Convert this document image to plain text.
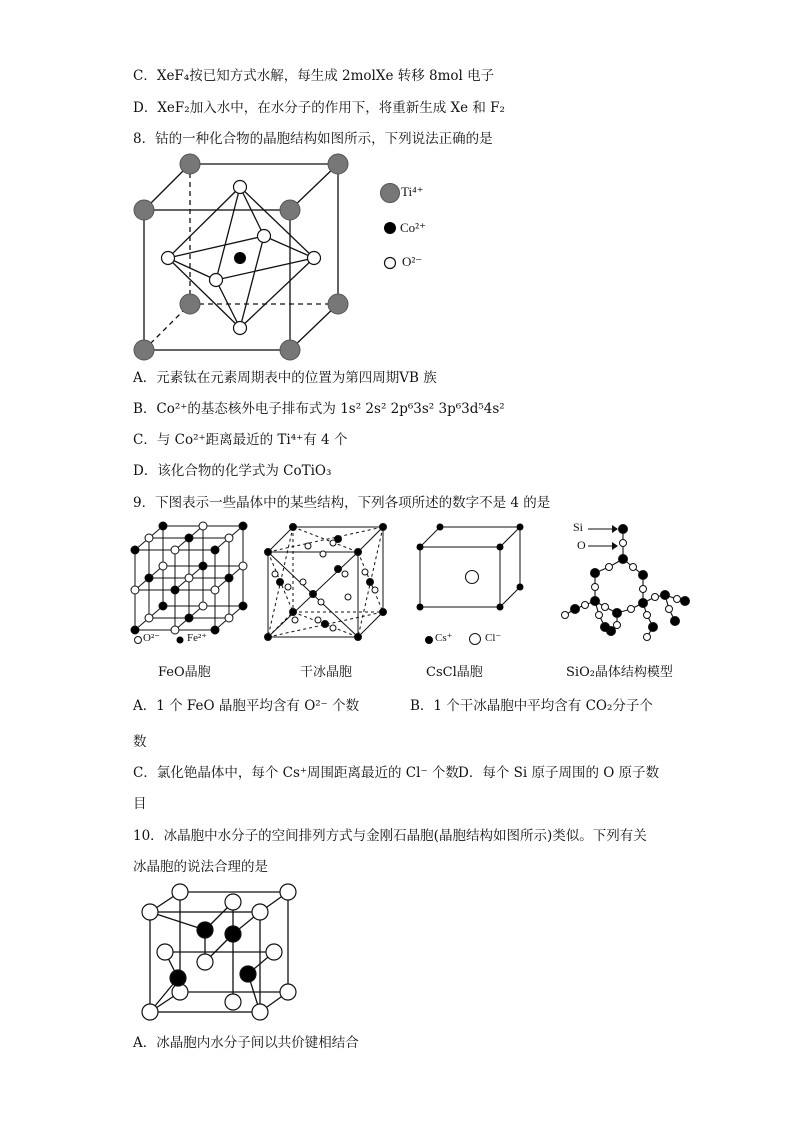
C．XeF₄按已知方式水解，每生成 2molXe 转移 8mol 电子
D．XeF₂加入水中，在水分子的作用下，将重新生成 Xe 和 F₂
8．钴的一种化合物的晶胞结构如图所示，下列说法正确的是
Ti⁴⁺
Co²⁺
O²⁻
A．元素钛在元素周期表中的位置为第四周期ⅤB 族
B．Co²⁺的基态核外电子排布式为 1s² 2s² 2p⁶3s² 3p⁶3d⁵4s²
C．与 Co²⁺距离最近的 Ti⁴⁺有 4 个
D．该化合物的化学式为 CoTiO₃
9．下图表示一些晶体中的某些结构，下列各项所述的数字不是 4 的是
O²⁻ Fe²⁺
FeO晶胞	干冰晶胞
Cs⁺	Cl⁻
CsCl晶胞
Si
O
SiO₂晶体结构模型
A．1 个 FeO 晶胞平均含有 O²⁻ 个数	B．1 个干冰晶胞中平均含有 CO₂分子个
数
C．氯化铯晶体中，每个 Cs⁺周围距离最近的 Cl⁻ 个数 D．每个 Si 原子周围的 O 原子数
目
10．冰晶胞中水分子的空间排列方式与金刚石晶胞(晶胞结构如图所示)类似。下列有关
冰晶胞的说法合理的是
A．冰晶胞内水分子间以共价键相结合
